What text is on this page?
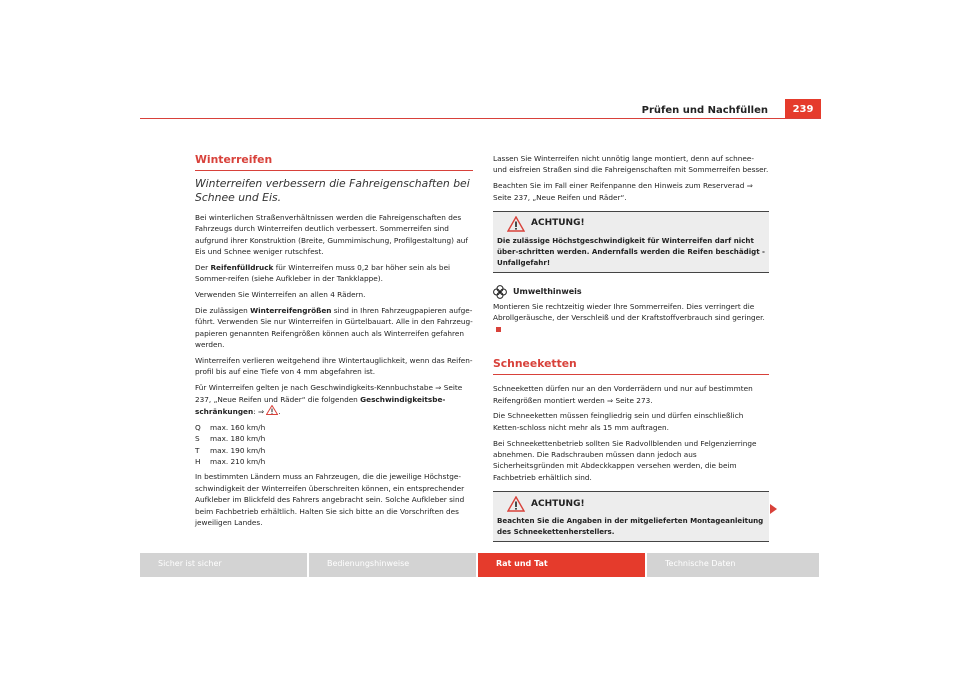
Prüfen und Nachfüllen	239
Winterreifen
Winterreifen verbessern die Fahreigenschaften bei Schnee und Eis.

Bei winterlichen Straßenverhältnissen werden die Fahreigenschaften des Fahrzeugs durch Winterreifen deutlich verbessert. Sommerreifen sind aufgrund ihrer Konstruktion (Breite, Gummimischung, Profilgestaltung) auf Eis und Schnee weniger rutschfest.

Der Reifenfülldruck für Winterreifen muss 0,2 bar höher sein als bei Sommer-reifen (siehe Aufkleber in der Tankklappe).

Verwenden Sie Winterreifen an allen 4 Rädern.

Die zulässigen Winterreifengrößen sind in Ihren Fahrzeugpapieren aufge-führt. Verwenden Sie nur Winterreifen in Gürtelbauart. Alle in den Fahrzeug-papieren genannten Reifengrößen können auch als Winterreifen gefahren werden.

Winterreifen verlieren weitgehend ihre Wintertauglichkeit, wenn das Reifen-profil bis auf eine Tiefe von 4 mm abgefahren ist.

Für Winterreifen gelten je nach Geschwindigkeits-Kennbuchstabe ⇒ Seite 237, „Neue Reifen und Räder“ die folgenden Geschwindigkeitsbe-schränkungen: ⇒ .

Q	max. 160 km/h
S	max. 180 km/h
T	max. 190 km/h
H	max. 210 km/h

In bestimmten Ländern muss an Fahrzeugen, die die jeweilige Höchstge-schwindigkeit der Winterreifen überschreiten können, ein entsprechender Aufkleber im Blickfeld des Fahrers angebracht sein. Solche Aufkleber sind beim Fachbetrieb erhältlich. Halten Sie sich bitte an die Vorschriften des jeweiligen Landes.

Lassen Sie Winterreifen nicht unnötig lange montiert, denn auf schnee- und eisfreien Straßen sind die Fahreigenschaften mit Sommerreifen besser.

Beachten Sie im Fall einer Reifenpanne den Hinweis zum Reserverad ⇒ Seite 237, „Neue Reifen und Räder“.

ACHTUNG!
Die zulässige Höchstgeschwindigkeit für Winterreifen darf nicht über-schritten werden. Andernfalls werden die Reifen beschädigt - Unfallgefahr!
Umwelthinweis

Montieren Sie rechtzeitig wieder Ihre Sommerreifen. Dies verringert die Abrollgeräusche, der Verschleiß und der Kraftstoffverbrauch sind geringer.

Schneeketten

Schneeketten dürfen nur an den Vorderrädern und nur auf bestimmten Reifengrößen montiert werden ⇒ Seite 273.

Die Schneeketten müssen feingliedrig sein und dürfen einschließlich Ketten-schloss nicht mehr als 15 mm auftragen.

Bei Schneekettenbetrieb sollten Sie Radvollblenden und Felgenzierringe abnehmen. Die Radschrauben müssen dann jedoch aus Sicherheitsgründen mit Abdeckkappen versehen werden, die beim Fachbetrieb erhältlich sind.

ACHTUNG!
Beachten Sie die Angaben in der mitgelieferten Montageanleitung des Schneekettenherstellers.
Sicher ist sicher	Bedienungshinweise	Rat und Tat	Technische Daten
